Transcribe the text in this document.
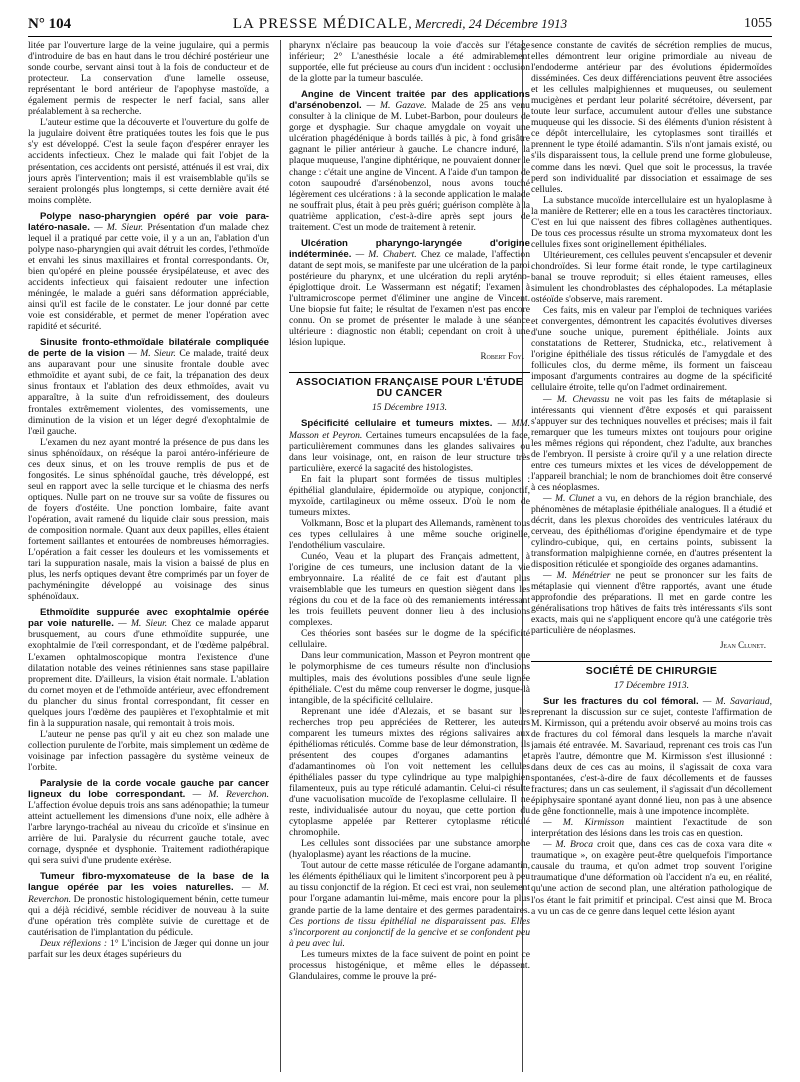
N° 104	LA PRESSE MÉDICALE, Mercredi, 24 Décembre 1913	1055

litée par l'ouverture large de la veine jugulaire, qui a permis d'introduire de bas en haut dans le trou déchiré postérieur une sonde courbe, servant ainsi tout à la fois de conducteur et de protecteur. La conservation d'une lamelle osseuse, représentant le bord antérieur de l'apophyse mastoïde, a également permis de respecter le nerf facial, sans aller préalablement à sa recherche.

L'auteur estime que la découverte et l'ouverture du golfe de la jugulaire doivent être pratiquées toutes les fois que le pus s'y est développé. C'est la seule façon d'espérer enrayer les accidents infectieux. Chez le malade qui fait l'objet de la présentation, ces accidents ont persisté, atténués il est vrai, dix jours après l'intervention; mais il est vraisemblable qu'ils se seraient prolongés plus longtemps, si cette dernière avait été moins complète.

Polype naso-pharyngien opéré par voie para-latéro-nasale. — M. Sieur. Présentation d'un malade chez lequel il a pratiqué par cette voie, il y a un an, l'ablation d'un polype naso-pharyngien qui avait détruit les cordes, l'ethmoïde et envahi les sinus maxillaires et frontal correspondants. Or, bien qu'opéré en pleine poussée érysipélateuse, et avec des accidents infectieux qui faisaient redouter une infection méningée, le malade a guéri sans déformation appréciable, ainsi qu'il est facile de le constater. Le jour donné par cette voie est considérable, et permet de mener l'opération avec rapidité et sécurité.

Sinusite fronto-ethmoïdale bilatérale compliquée de perte de la vision — M. Sieur. Ce malade, traité deux ans auparavant pour une sinusite frontale double avec ethmoïdite et ayant subi, de ce fait, la trépanation des deux sinus frontaux et l'ablation des deux ethmoïdes, avait vu apparaître, à la suite d'un refroidissement, des douleurs frontales extrêmement violentes, des vomissements, une diminution de la vision et un léger degré d'exophtalmie de l'œil gauche.

L'examen du nez ayant montré la présence de pus dans les sinus sphénoïdaux, on réséque la paroi antéro-inférieure de ces deux sinus, et on les trouve remplis de pus et de fongosités. Le sinus sphénoïdal gauche, très développé, est seul en rapport avec la selle turcique et le chiasma des nerfs optiques. Nulle part on ne trouve sur sa voûte de fissures ou de foyers d'ostéite. Une ponction lombaire, faite avant l'opération, avait ramené du liquide clair sous pression, mais de composition normale. Quant aux deux papilles, elles étaient fortement saillantes et entourées de nombreuses hémorragies. L'opération a fait cesser les douleurs et les vomissements et tari la suppuration nasale, mais la vision a baissé de plus en plus, les nerfs optiques devant être comprimés par un foyer de pachyméningite développé au voisinage des sinus sphénoïdaux.

Ethmoïdite suppurée avec exophtalmie opérée par voie naturelle. — M. Sieur. Chez ce malade apparut brusquement, au cours d'une ethmoïdite suppurée, une exophtalmie de l'œil correspondant, et de l'œdème palpébral. L'examen ophtalmoscopique montra l'existence d'une dilatation notable des veines rétiniennes sans stase papillaire proprement dite. D'ailleurs, la vision était normale. L'ablation du cornet moyen et de l'ethmoïde antérieur, avec effondrement du plancher du sinus frontal correspondant, fit cesser en quelques jours l'œdème des paupières et l'exophtalmie et mit fin à la suppuration nasale, qui remontait à trois mois.

L'auteur ne pense pas qu'il y ait eu chez son malade une collection purulente de l'orbite, mais simplement un œdème de voisinage par infection passagère du système veineux de l'orbite.

Paralysie de la corde vocale gauche par cancer ligneux du lobe correspondant. — M. Reverchon. L'affection évolue depuis trois ans sans adénopathie; la tumeur atteint actuellement les dimensions d'une noix, elle adhère à l'arbre laryngo-trachéal au niveau du cricoïde et s'insinue en arrière de lui. Paralysie du récurrent gauche totale, avec cornage, dyspnée et dysphonie. Traitement radiothérapique qui sera suivi d'une prudente exérèse.

Tumeur fibro-myxomateuse de la base de la langue opérée par les voies naturelles. — M. Reverchon. De pronostic histologiquement bénin, cette tumeur qui a déjà récidivé, semble récidiver de nouveau à la suite d'une opération très complète suivie de curettage et de cautérisation de l'implantation du pédicule.

Deux réflexions : 1° L'incision de Jæger qui donne un jour parfait sur les deux étages supérieurs du

pharynx n'éclaire pas beaucoup la voie d'accès sur l'étage inférieur; 2° L'anesthésie locale a été admirablement supportée, elle fut précieuse au cours d'un incident : occlusion de la glotte par la tumeur basculée.

Angine de Vincent traitée par des applications d'arsénobenzol. — M. Gazave. Malade de 25 ans venu consulter à la clinique de M. Lubet-Barbon, pour douleurs de gorge et dysphagie. Sur chaque amygdale on voyait une ulcération phagédénique à bords taillés à pic, à fond grisâtre gagnant le pilier antérieur à gauche. Le chancre induré, la plaque muqueuse, l'angine diphtérique, ne pouvaient donner le change : c'était une angine de Vincent. A l'aide d'un tampon de coton saupoudré d'arsénobenzol, nous avons touché légèrement ces ulcérations : à la seconde application le malade ne souffrait plus, était à peu près guéri; guérison complète à la quatrième application, c'est-à-dire après sept jours de traitement. C'est un mode de traitement à retenir.

Ulcération pharyngo-laryngée d'origine indéterminée. — M. Chabert. Chez ce malade, l'affection datant de sept mois, se manifeste par une ulcération de la paroi postérieure du pharynx, et une ulcération du repli aryténo-épiglottique droit. Le Wassermann est négatif; l'examen à l'ultramicroscope permet d'éliminer une angine de Vincent. Une biopsie fut faite; le résultat de l'examen n'est pas encore connu. On se promet de présenter le malade à une séance ultérieure : diagnostic non établi; cependant on croit à une lésion lupique.

Robert Foy.
ASSOCIATION FRANÇAISE POUR L'ÉTUDE DU CANCER
15 Décembre 1913.

Spécificité cellulaire et tumeurs mixtes. — MM. Masson et Peyron. Certaines tumeurs encapsulées de la face, particulièrement communes dans les glandes salivaires ou dans leur voisinage, ont, en raison de leur structure très particulière, exercé la sagacité des histologistes.

En fait la plupart sont formées de tissus multiples : épithélial glandulaire, épidermoïde ou atypique, conjonctif, myxoïde, cartilagineux ou même osseux. D'où le nom de tumeurs mixtes.

Volkmann, Bosc et la plupart des Allemands, ramènent tous ces types cellulaires à une même souche originelle, l'endothélium vasculaire.

Cunéo, Veau et la plupart des Français admettent, à l'origine de ces tumeurs, une inclusion datant de la vie embryonnaire. La réalité de ce fait est d'autant plus vraisemblable que les tumeurs en question siègent dans les régions du cou et de la face où des remaniements intéressant les trois feuillets peuvent donner lieu à des inclusions complexes.

Ces théories sont basées sur le dogme de la spécificité cellulaire.

Dans leur communication, Masson et Peyron montrent que le polymorphisme de ces tumeurs résulte non d'inclusions multiples, mais des évolutions possibles d'une seule lignée épithéliale. C'est du même coup renverser le dogme, jusque-là intangible, de la spécificité cellulaire.

Reprenant une idée d'Alezais, et se basant sur les recherches trop peu appréciées de Retterer, les auteurs comparent les tumeurs mixtes des régions salivaires aux épithéliomas réticulés. Comme base de leur démonstration, ils présentent des coupes d'organes adamantins et d'adamantinomes où l'on voit nettement les cellules épithéliales passer du type cylindrique au type malpighien filamenteux, puis au type réticulé adamantin. Celui-ci résulte d'une vacuolisation mucoïde de l'exoplasme cellulaire. Il ne reste, individualisée autour du noyau, que cette portion du cytoplasme appelée par Retterer cytoplasme réticulé chromophile.

Les cellules sont dissociées par une substance amorphe (hyaloplasme) ayant les réactions de la mucine.

Tout autour de cette masse réticulée de l'organe adamantin, les éléments épithéliaux qui le limitent s'incorporent peu à peu au tissu conjonctif de la région. Et ceci est vrai, non seulement pour l'organe adamantin lui-même, mais encore pour la plus grande partie de la lame dentaire et des germes paradentaires. Ces portions de tissu épithélial ne disparaissent pas. Elles s'incorporent au conjonctif de la gencive et se confondent peu à peu avec lui.

Les tumeurs mixtes de la face suivent de point en point ce processus histogénique, et même elles le dépassent. Glandulaires, comme le prouve la pré-

sence constante de cavités de sécrétion remplies de mucus, elles démontrent leur origine primordiale au niveau de l'endoderme antérieur par des évolutions épidermoïdes disséminées. Ces deux différenciations peuvent être associées et les cellules malpighiennes et muqueuses, ou seulement mucigènes et perdant leur polarité sécrétoire, déversent, par toute leur surface, accumulent autour d'elles une substance muqueuse qui les dissocie. Si des éléments d'union résistent à ce dépôt intercellulaire, les cytoplasmes sont tiraillés et prennent le type étoilé adamantin. S'ils n'ont jamais existé, ou s'ils disparaissent tous, la cellule prend une forme globuleuse, comme dans les nœvi. Quel que soit le processus, la travée perd son individualité par dissociation et essaimage de ses cellules.

La substance mucoïde intercellulaire est un hyaloplasme à la manière de Retterer; elle en a tous les caractères tinctoriaux. C'est en lui que naissent des fibres collagènes authentiques. De tous ces processus résulte un stroma myxomateux dont les cellules fixes sont originellement épithéliales.

Ultérieurement, ces cellules peuvent s'encapsuler et devenir chondroïdes. Si leur forme était ronde, le type cartilagineux banal se trouve reproduit; si elles étaient rameuses, elles simulent les chondroblastes des céphalopodes. La métaplasie ostéoïde s'observe, mais rarement.

Ces faits, mis en valeur par l'emploi de techniques variées et convergentes, démontrent les capacités évolutives diverses d'une souche unique, purement épithéliale. Joints aux constatations de Retterer, Studnicka, etc., relativement à l'origine épithéliale des tissus réticulés de l'amygdale et des follicules clos, du derme même, ils forment un faisceau imposant d'arguments contraires au dogme de la spécificité cellulaire étroite, telle qu'on l'admet ordinairement.

— M. Chevassu ne voit pas les faits de métaplasie si intéressants qui viennent d'être exposés et qui paraissent s'appuyer sur des techniques nouvelles et précises; mais il fait remarquer que les tumeurs mixtes ont toujours pour origine les mêmes régions qui répondent, chez l'adulte, aux branches de l'embryon. Il persiste à croire qu'il y a une relation directe entre ces tumeurs mixtes et les vices de développement de l'appareil branchial; le nom de branchiomes doit être conservé à ces néoplasmes.

— M. Clunet a vu, en dehors de la région branchiale, des phénomènes de métaplasie épithéliale analogues. Il a étudié et décrit, dans les plexus choroïdes des ventricules latéraux du cerveau, des épithéliomas d'origine épendymaire et de type cylindro-cubique, qui, en certains points, subissent la transformation malpighienne cornée, en d'autres présentent la disposition réticulée et spongioïde des organes adamantins.

— M. Ménétrier ne peut se prononcer sur les faits de métaplasie qui viennent d'être rapportés, avant une étude approfondie des préparations. Il met en garde contre les généralisations trop hâtives de faits très intéressants s'ils sont exacts, mais qui ne s'appliquent encore qu'à une catégorie très particulière de néoplasmes.

Jean Clunet.
SOCIÉTÉ DE CHIRURGIE
17 Décembre 1913.

Sur les fractures du col fémoral. — M. Savariaud, reprenant la discussion sur ce sujet, conteste l'affirmation de M. Kirmisson, qui a prétendu avoir observé au moins trois cas de fractures du col fémoral dans lesquels la marche n'avait jamais été entravée. M. Savariaud, reprenant ces trois cas l'un après l'autre, démontre que M. Kirmisson s'est illusionné : dans deux de ces cas au moins, il s'agissait de coxa vara spontanées, c'est-à-dire de faux décollements et de fausses fractures; dans un cas seulement, il s'agissait d'un décollement épiphysaire spontané ayant donné lieu, non pas à une absence de gêne fonctionnelle, mais à une impotence incomplète.

— M. Kirmisson maintient l'exactitude de son interprétation des lésions dans les trois cas en question.

— M. Broca croit que, dans ces cas de coxa vara dite « traumatique », on exagère peut-être quelquefois l'importance causale du trauma, et qu'on admet trop souvent l'origine traumatique d'une déformation où l'accident n'a eu, en réalité, qu'une action de second plan, une altération pathologique de l'os étant le fait primitif et principal. C'est ainsi que M. Broca a vu un cas de ce genre dans lequel cette lésion ayant
